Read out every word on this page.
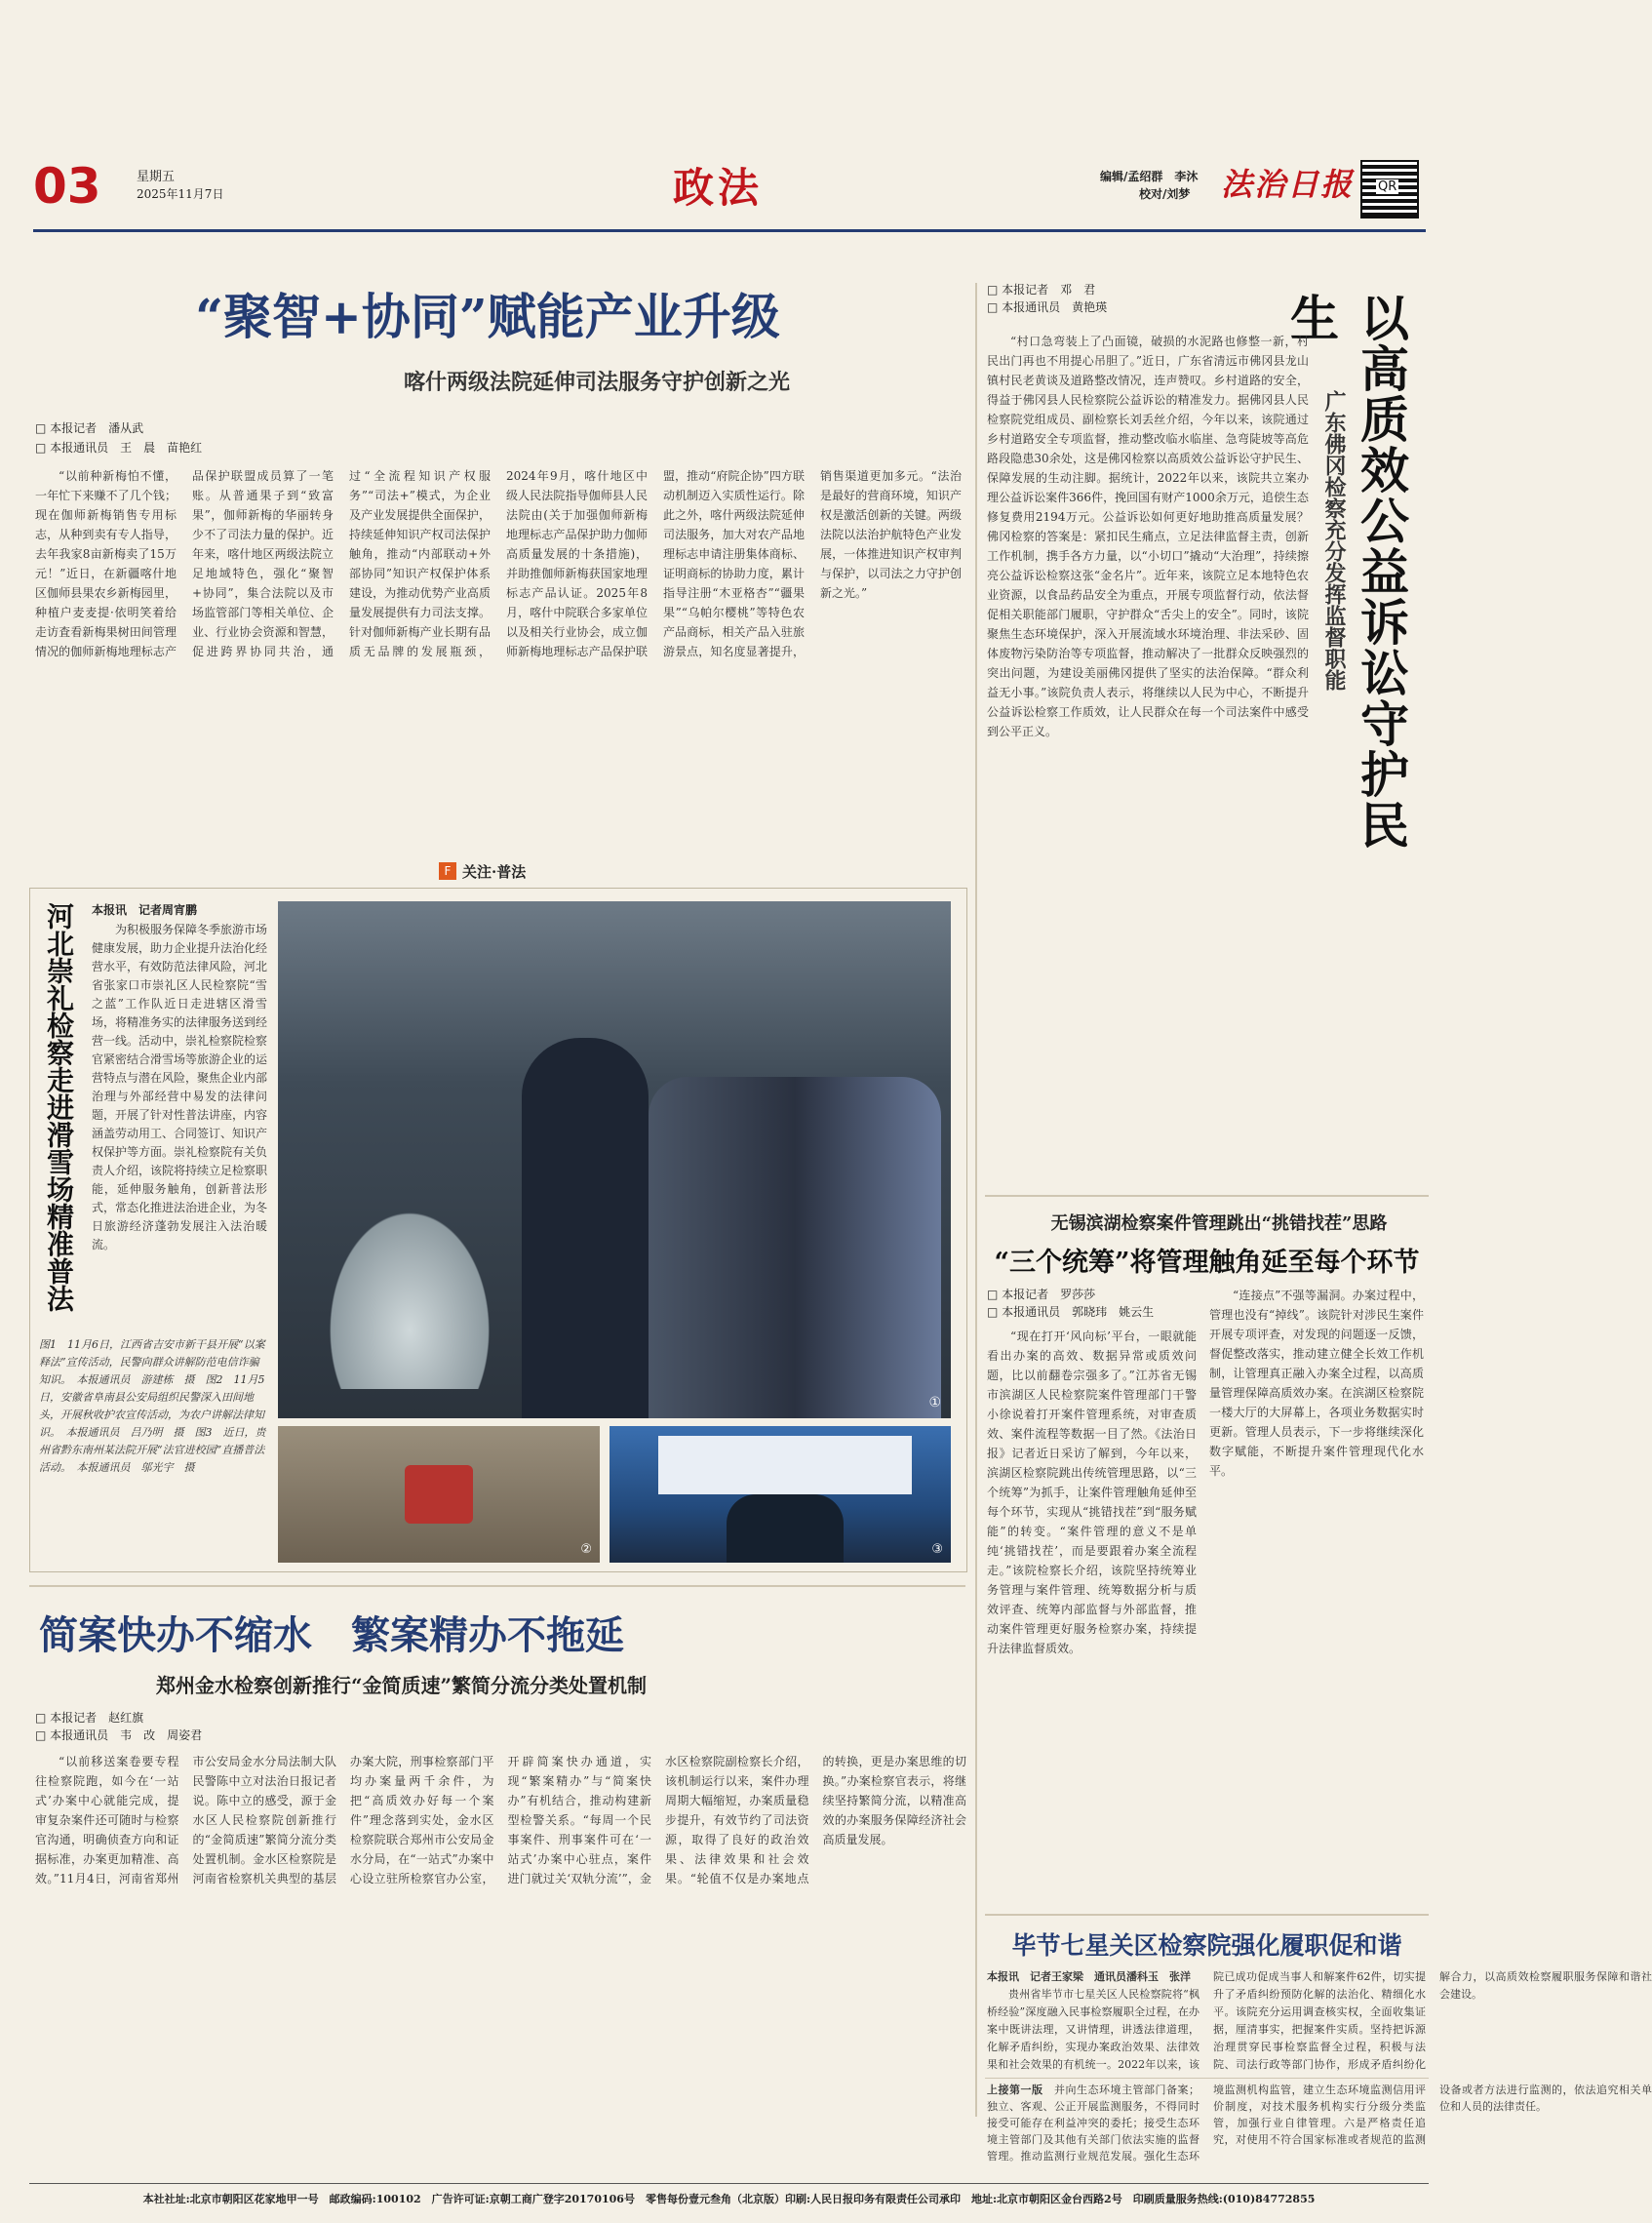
03	星期五
2025年11月7日	政法	编辑/孟绍群　李沐
校对/刘梦 法治日报 QR
“聚智+协同”赋能产业升级
喀什两级法院延伸司法服务守护创新之光
□ 本报记者　潘从武
□ 本报通讯员　王　晨　苗艳红

“以前种新梅怕不懂，一年忙下来赚不了几个钱；现在伽师新梅销售专用标志，从种到卖有专人指导，去年我家8亩新梅卖了15万元！”近日，在新疆喀什地区伽师县果农乡新梅园里，种植户麦麦提·依明笑着给走访査看新梅果树田间管理情况的伽师新梅地理标志产品保护联盟成员算了一笔账。从普通果子到“致富果”，伽师新梅的华丽转身少不了司法力量的保护。近年来，喀什地区两级法院立足地域特色，强化“聚智+协同”，集合法院以及市场监管部门等相关单位、企业、行业协会资源和智慧，促进跨界协同共治，通过“全流程知识产权服务”“司法+”模式，为企业及产业发展提供全面保护，持续延伸知识产权司法保护触角，推动“内部联动+外部协同”知识产权保护体系建设，为推动优势产业高质量发展提供有力司法支撑。针对伽师新梅产业长期有品质无品牌的发展瓶颈，2024年9月，喀什地区中级人民法院指导伽师县人民法院由(关于加强伽师新梅地理标志产品保护助力伽师高质量发展的十条措施)，并助推伽师新梅获国家地理标志产品认证。2025年8月，喀什中院联合多家单位以及相关行业协会，成立伽师新梅地理标志产品保护联盟，推动“府院企协”四方联动机制迈入实质性运行。除此之外，喀什两级法院延伸司法服务，加大对农产品地理标志申请注册集体商标、证明商标的协助力度，累计指导注册“木亚格杏”“疆果果”“乌帕尔樱桃”等特色农产品商标，相关产品入驻旅游景点，知名度显著提升，销售渠道更加多元。“法治是最好的营商环境，知识产权是激活创新的关键。两级法院以法治护航特色产业发展，一体推进知识产权审判与保护，以司法之力守护创新之光。”

□ 本报记者　邓　君
□ 本报通讯员　黄艳瑛	以高质效公益诉讼守护民生
广东佛冈检察充分发挥监督职能

“村口急弯装上了凸面镜，破损的水泥路也修整一新，村民出门再也不用提心吊胆了。”近日，广东省清远市佛冈县龙山镇村民老黄谈及道路整改情况，连声赞叹。乡村道路的安全，得益于佛冈县人民检察院公益诉讼的精准发力。据佛冈县人民检察院党组成员、副检察长刘丢丝介绍，今年以来，该院通过乡村道路安全专项监督，推动整改临水临崖、急弯陡坡等高危路段隐患30余处，这是佛冈检察以高质效公益诉讼守护民生、保障发展的生动注脚。据统计，2022年以来，该院共立案办理公益诉讼案件366件，挽回国有财产1000余万元，追偿生态修复费用2194万元。公益诉讼如何更好地助推高质量发展？佛冈检察的答案是：紧扣民生痛点，立足法律监督主责，创新工作机制，携手各方力量，以“小切口”撬动“大治理”，持续擦亮公益诉讼检察这张“金名片”。近年来，该院立足本地特色农业资源，以食品药品安全为重点，开展专项监督行动，依法督促相关职能部门履职，守护群众“舌尖上的安全”。同时，该院聚焦生态环境保护，深入开展流域水环境治理、非法采砂、固体废物污染防治等专项监督，推动解决了一批群众反映强烈的突出问题，为建设美丽佛冈提供了坚实的法治保障。“群众利益无小事。”该院负责人表示，将继续以人民为中心，不断提升公益诉讼检察工作质效，让人民群众在每一个司法案件中感受到公平正义。

F 关注·普法
河北崇礼检察走进滑雪场精准普法 本报讯　记者周宵鹏

为积极服务保障冬季旅游市场健康发展，助力企业提升法治化经营水平，有效防范法律风险，河北省张家口市崇礼区人民检察院“雪之蓝”工作队近日走进辖区滑雪场，将精准务实的法律服务送到经营一线。活动中，崇礼检察院检察官紧密结合滑雪场等旅游企业的运营特点与潜在风险，聚焦企业内部治理与外部经营中易发的法律问题，开展了针对性普法讲座，内容涵盖劳动用工、合同签订、知识产权保护等方面。崇礼检察院有关负责人介绍，该院将持续立足检察职能，延伸服务触角，创新普法形式，常态化推进法治进企业，为冬日旅游经济蓬勃发展注入法治暖流。

①
图1　11月6日，江西省吉安市新干县开展“以案释法”宣传活动，民警向群众讲解防范电信诈骗知识。　本报通讯员　游建栋　摄　图2　11月5日，安徽省阜南县公安局组织民警深入田间地头，开展秋收护农宣传活动，为农户讲解法律知识。　本报通讯员　吕乃明　摄　图3　近日，贵州省黔东南州某法院开展“法官进校园”直播普法活动。　本报通讯员　邬光宇　摄
②	③
无锡滨湖检察案件管理跳出“挑错找茬”思路
“三个统筹”将管理触角延至每个环节
□ 本报记者　罗莎莎
□ 本报通讯员　郭晓玮　姚云生

“现在打开‘风向标’平台，一眼就能看出办案的高效、数据异常或质效问题，比以前翻卷宗强多了。”江苏省无锡市滨湖区人民检察院案件管理部门干警小徐说着打开案件管理系统，对审查质效、案件流程等数据一目了然。《法治日报》记者近日采访了解到，今年以来，滨湖区检察院跳出传统管理思路，以“三个统筹”为抓手，让案件管理触角延伸至每个环节，实现从“挑错找茬”到“服务赋能”的转变。“案件管理的意义不是单纯‘挑错找茬’，而是要跟着办案全流程走。”该院检察长介绍，该院坚持统筹业务管理与案件管理、统筹数据分析与质效评查、统筹内部监督与外部监督，推动案件管理更好服务检察办案，持续提升法律监督质效。

“连接点”不强等漏洞。办案过程中，管理也没有“掉线”。该院针对涉民生案件开展专项评查，对发现的问题逐一反馈，督促整改落实，推动建立健全长效工作机制，让管理真正融入办案全过程，以高质量管理保障高质效办案。在滨湖区检察院一楼大厅的大屏幕上，各项业务数据实时更新。管理人员表示，下一步将继续深化数字赋能，不断提升案件管理现代化水平。

简案快办不缩水　繁案精办不拖延
郑州金水检察创新推行“金简质速”繁简分流分类处置机制
□ 本报记者　赵红旗
□ 本报通讯员　韦　改　周姿君

“以前移送案卷要专程往检察院跑，如今在‘一站式’办案中心就能完成，提审复杂案件还可随时与检察官沟通，明确侦查方向和证据标准，办案更加精准、高效。”11月4日，河南省郑州市公安局金水分局法制大队民警陈中立对法治日报记者说。陈中立的感受，源于金水区人民检察院创新推行的“金简质速”繁简分流分类处置机制。金水区检察院是河南省检察机关典型的基层办案大院，刑事检察部门平均办案量两千余件，为把“高质效办好每一个案件”理念落到实处，金水区检察院联合郑州市公安局金水分局，在“一站式”办案中心设立驻所检察官办公室，开辟简案快办通道，实现“繁案精办”与“简案快办”有机结合，推动构建新型检警关系。“每周一个民事案件、刑事案件可在‘一站式’办案中心驻点，案件进门就过关‘双轨分流’”，金水区检察院副检察长介绍，该机制运行以来，案件办理周期大幅缩短，办案质量稳步提升，有效节约了司法资源，取得了良好的政治效果、法律效果和社会效果。“轮值不仅是办案地点的转换，更是办案思维的切换。”办案检察官表示，将继续坚持繁简分流，以精准高效的办案服务保障经济社会高质量发展。

毕节七星关区检察院强化履职促和谐

本报讯　记者王家梁　通讯员潘科玉　张洋

贵州省毕节市七星关区人民检察院将“枫桥经验”深度融入民事检察履职全过程，在办案中既讲法理，又讲情理，讲透法律道理，化解矛盾纠纷，实现办案政治效果、法律效果和社会效果的有机统一。2022年以来，该院已成功促成当事人和解案件62件，切实提升了矛盾纠纷预防化解的法治化、精细化水平。该院充分运用调查核实权，全面收集证据，厘清事实，把握案件实质。坚持把诉源治理贯穿民事检察监督全过程，积极与法院、司法行政等部门协作，形成矛盾纠纷化解合力，以高质效检察履职服务保障和谐社会建设。

上接第一版　 并向生态环境主管部门备案；独立、客观、公正开展监测服务，不得同时接受可能存在利益冲突的委托；接受生态环境主管部门及其他有关部门依法实施的监督管理。推动监测行业规范发展。强化生态环境监测机构监管，建立生态环境监测信用评价制度，对技术服务机构实行分级分类监管，加强行业自律管理。六是严格责任追究，对使用不符合国家标准或者规范的监测设备或者方法进行监测的，依法追究相关单位和人员的法律责任。

本社社址:北京市朝阳区花家地甲一号　邮政编码:100102　广告许可证:京朝工商广登字20170106号　零售每份壹元叁角（北京版）印刷:人民日报印务有限责任公司承印　地址:北京市朝阳区金台西路2号　印刷质量服务热线:(010)84772855
